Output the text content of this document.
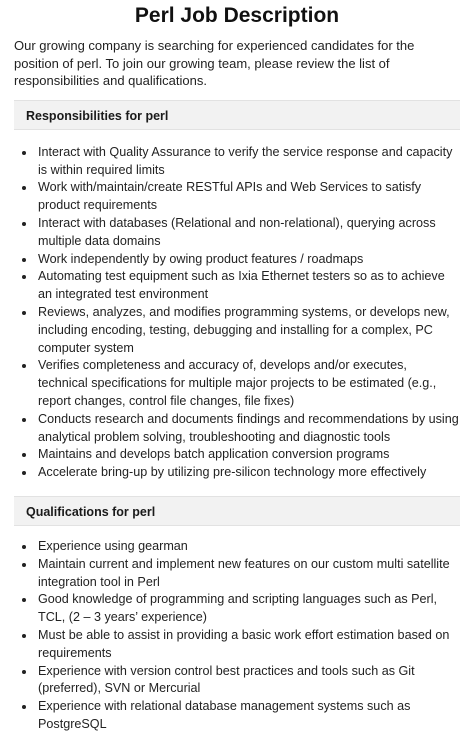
Perl Job Description

Our growing company is searching for experienced candidates for the position of perl. To join our growing team, please review the list of responsibilities and qualifications.

Responsibilities for perl
Interact with Quality Assurance to verify the service response and capacity is within required limits
Work with/maintain/create RESTful APIs and Web Services to satisfy product requirements
Interact with databases (Relational and non-relational), querying across multiple data domains
Work independently by owing product features / roadmaps
Automating test equipment such as Ixia Ethernet testers so as to achieve an integrated test environment
Reviews, analyzes, and modifies programming systems, or develops new, including encoding, testing, debugging and installing for a complex, PC computer system
Verifies completeness and accuracy of, develops and/or executes, technical specifications for multiple major projects to be estimated (e.g., report changes, control file changes, file fixes)
Conducts research and documents findings and recommendations by using analytical problem solving, troubleshooting and diagnostic tools
Maintains and develops batch application conversion programs
Accelerate bring-up by utilizing pre-silicon technology more effectively
Qualifications for perl
Experience using gearman
Maintain current and implement new features on our custom multi satellite integration tool in Perl
Good knowledge of programming and scripting languages such as Perl, TCL, (2 – 3 years’ experience)
Must be able to assist in providing a basic work effort estimation based on requirements
Experience with version control best practices and tools such as Git (preferred), SVN or Mercurial
Experience with relational database management systems such as PostgreSQL
